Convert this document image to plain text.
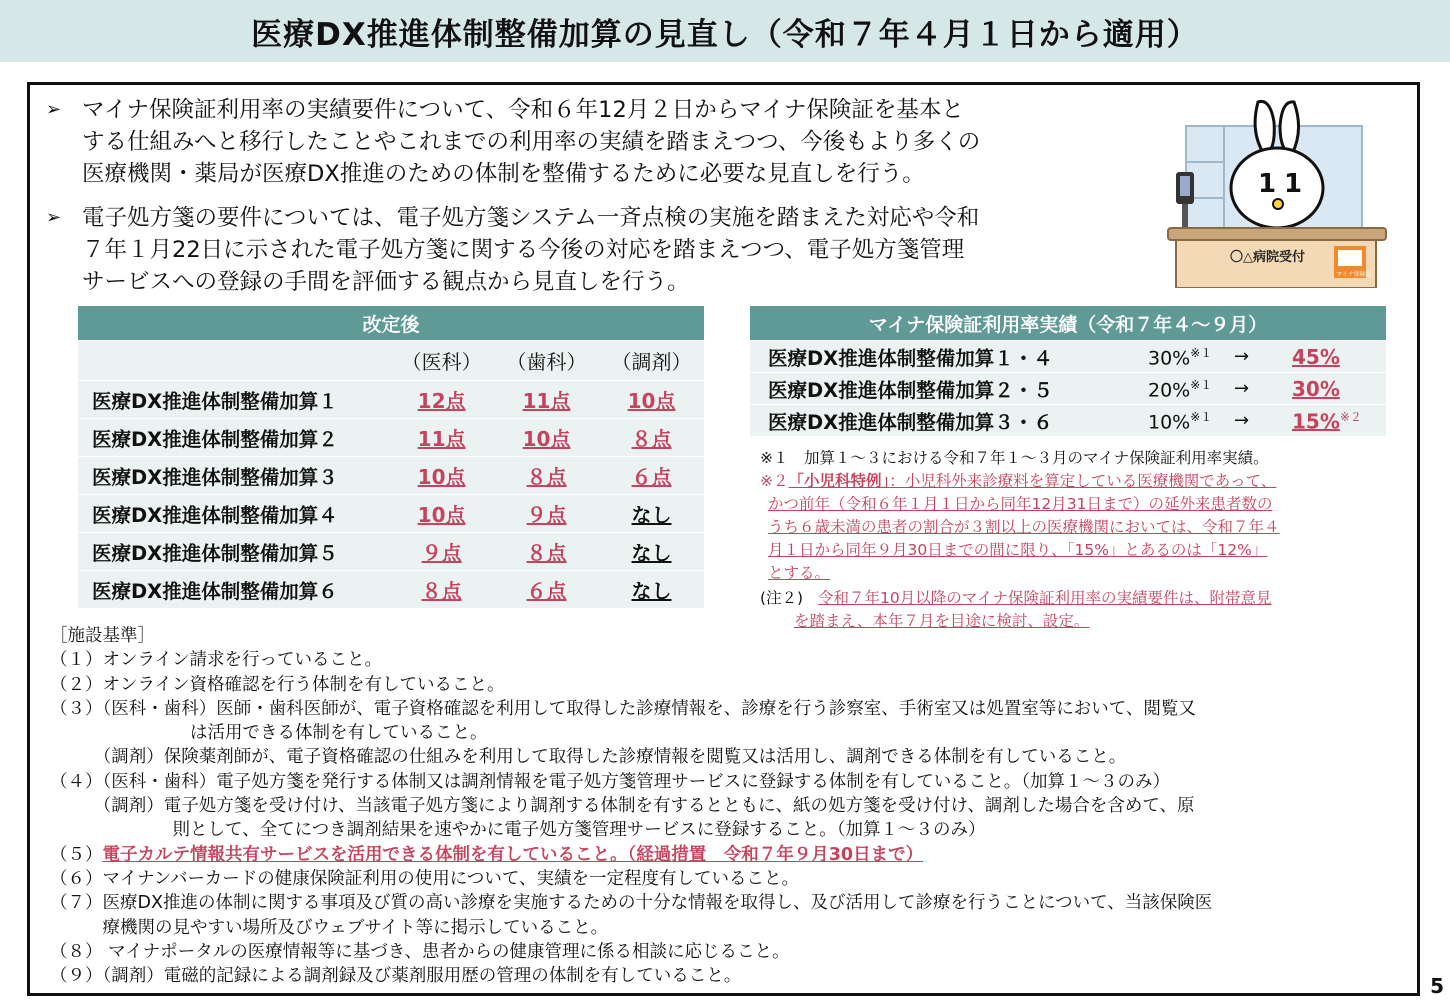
医療DX推進体制整備加算の見直し（令和７年４月１日から適用）
➢ マイナ保険証利用率の実績要件について、令和６年12月２日からマイナ保険証を基本と
する仕組みへと移行したことやこれまでの利用率の実績を踏まえつつ、今後もより多くの
医療機関・薬局が医療DX推進のための体制を整備するために必要な見直しを行う。
➢ 電子処方箋の要件については、電子処方箋システム一斉点検の実施を踏まえた対応や令和
７年１月22日に示された電子処方箋に関する今後の対応を踏まえつつ、電子処方箋管理
サービスへの登録の手間を評価する観点から見直しを行う。
1 1
〇△病院受付
マイナ保険証
改定後
（医科）	（歯科）	（調剤）
医療DX推進体制整備加算１	12点	11点	10点
医療DX推進体制整備加算２	11点	10点	８点
医療DX推進体制整備加算３	10点	８点	６点
医療DX推進体制整備加算４	10点	９点	なし
医療DX推進体制整備加算５	９点	８点	なし
医療DX推進体制整備加算６	８点	６点	なし
マイナ保険証利用率実績（令和７年４～９月）
医療DX推進体制整備加算１・４	30%$^{※1}$	→	45%
医療DX推進体制整備加算２・５	20%$^{※1}$	→	30%
医療DX推進体制整備加算３・６	10%$^{※1}$	→	15%$^{※2}$
※１　加算１～３における令和７年１～３月のマイナ保険証利用率実績。
※２「小児科特例」：小児科外来診療料を算定している医療機関であって、
かつ前年（令和６年１月１日から同年12月31日まで）の延外来患者数の
うち６歳未満の患者の割合が３割以上の医療機関においては、令和７年４
月１日から同年９月30日までの間に限り、「15%」とあるのは「12%」
とする。
(注２) 令和７年10月以降のマイナ保険証利用率の実績要件は、附帯意見
を踏まえ、本年７月を目途に検討、設定。
［施設基準］
（１）オンライン請求を行っていること。
（２）オンライン資格確認を行う体制を有していること。
（３）（医科・歯科）医師・歯科医師が、電子資格確認を利用して取得した診療情報を、診療を行う診察室、手術室又は処置室等において、閲覧又
　　　　　　　　は活用できる体制を有していること。
　　　（調剤）保険薬剤師が、電子資格確認の仕組みを利用して取得した診療情報を閲覧又は活用し、調剤できる体制を有していること。
（４）（医科・歯科）電子処方箋を発行する体制又は調剤情報を電子処方箋管理サービスに登録する体制を有していること。（加算１～３のみ）
　　　（調剤）電子処方箋を受け付け、当該電子処方箋により調剤する体制を有するとともに、紙の処方箋を受け付け、調剤した場合を含めて、原
　　　　　　　則として、全てにつき調剤結果を速やかに電子処方箋管理サービスに登録すること。（加算１～３のみ）
（５）電子カルテ情報共有サービスを活用できる体制を有していること。（経過措置　令和７年９月30日まで）
（６）マイナンバーカードの健康保険証利用の使用について、実績を一定程度有していること。
（７）医療DX推進の体制に関する事項及び質の高い診療を実施するための十分な情報を取得し、及び活用して診療を行うことについて、当該保険医
　　　療機関の見やすい場所及びウェブサイト等に掲示していること。
（８） マイナポータルの医療情報等に基づき、患者からの健康管理に係る相談に応じること。
（９）（調剤）電磁的記録による調剤録及び薬剤服用歴の管理の体制を有していること。	5
